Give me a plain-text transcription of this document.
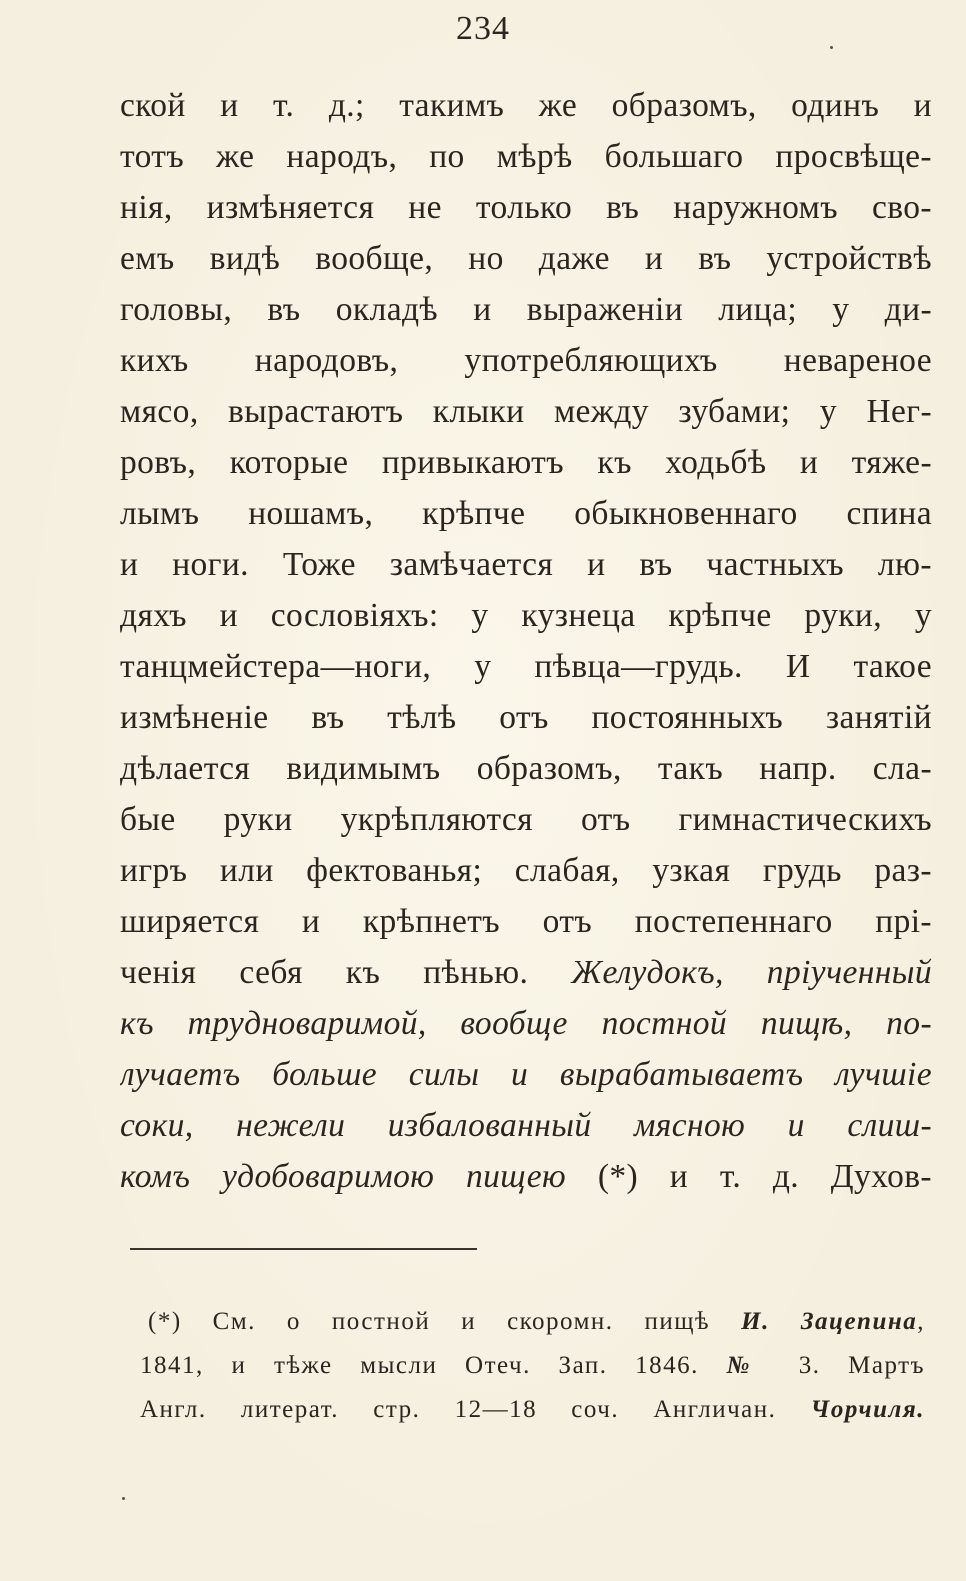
234
ской и т. д.; такимъ же образомъ, одинъ и
тотъ же народъ, по мѣрѣ большаго просвѣще-
нія, измѣняется не только въ наружномъ сво-
емъ видѣ вообще, но даже и въ устройствѣ
головы, въ окладѣ и выраженіи лица; у ди-
кихъ народовъ, употребляющихъ невареное
мясо, вырастаютъ клыки между зубами; у Нег-
ровъ, которые привыкаютъ къ ходьбѣ и тяже-
лымъ ношамъ, крѣпче обыкновеннаго спина
и ноги. Тоже замѣчается и въ частныхъ лю-
дяхъ и сословіяхъ: у кузнеца крѣпче руки, у
танцмейстера—ноги, у пѣвца—грудь. И такое
измѣненіе въ тѣлѣ отъ постоянныхъ занятій
дѣлается видимымъ образомъ, такъ напр. сла-
бые руки укрѣпляются отъ гимнастическихъ
игръ или фектованья; слабая, узкая грудь раз-
ширяется и крѣпнетъ отъ постепеннаго прі-
ченія себя къ пѣнью. Желудокъ, пріученный
къ трудноваримой, вообще постной пищѣ, по-
лучаетъ больше силы и вырабатываетъ лучшіе
соки, нежели избалованный мясною и слиш-
комъ удобоваримою пищею (*) и т. д. Духов-
(*) См. о постной и скоромн. пищѣ И. Зацепина,
1841, и тѣже мысли Отеч. Зап. 1846. № 3. Мартъ
Англ. литерат. стр. 12—18 соч. Англичан. Чорчиля.
